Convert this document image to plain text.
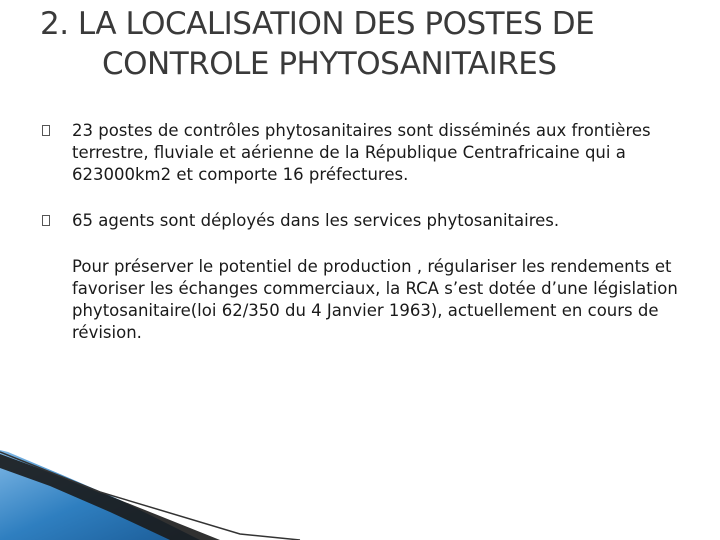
2. LA LOCALISATION DES POSTES DE
CONTROLE PHYTOSANITAIRES
23 postes de contrôles phytosanitaires sont disséminés aux frontières terrestre, fluviale et aérienne de la République Centrafricaine qui a 623000km2 et comporte 16 préfectures.
65 agents sont déployés dans les services phytosanitaires.
Pour préserver le potentiel de production , régulariser les rendements et favoriser les échanges commerciaux, la RCA s’est dotée d’une législation phytosanitaire(loi 62/350 du 4 Janvier 1963), actuellement en cours de révision.
